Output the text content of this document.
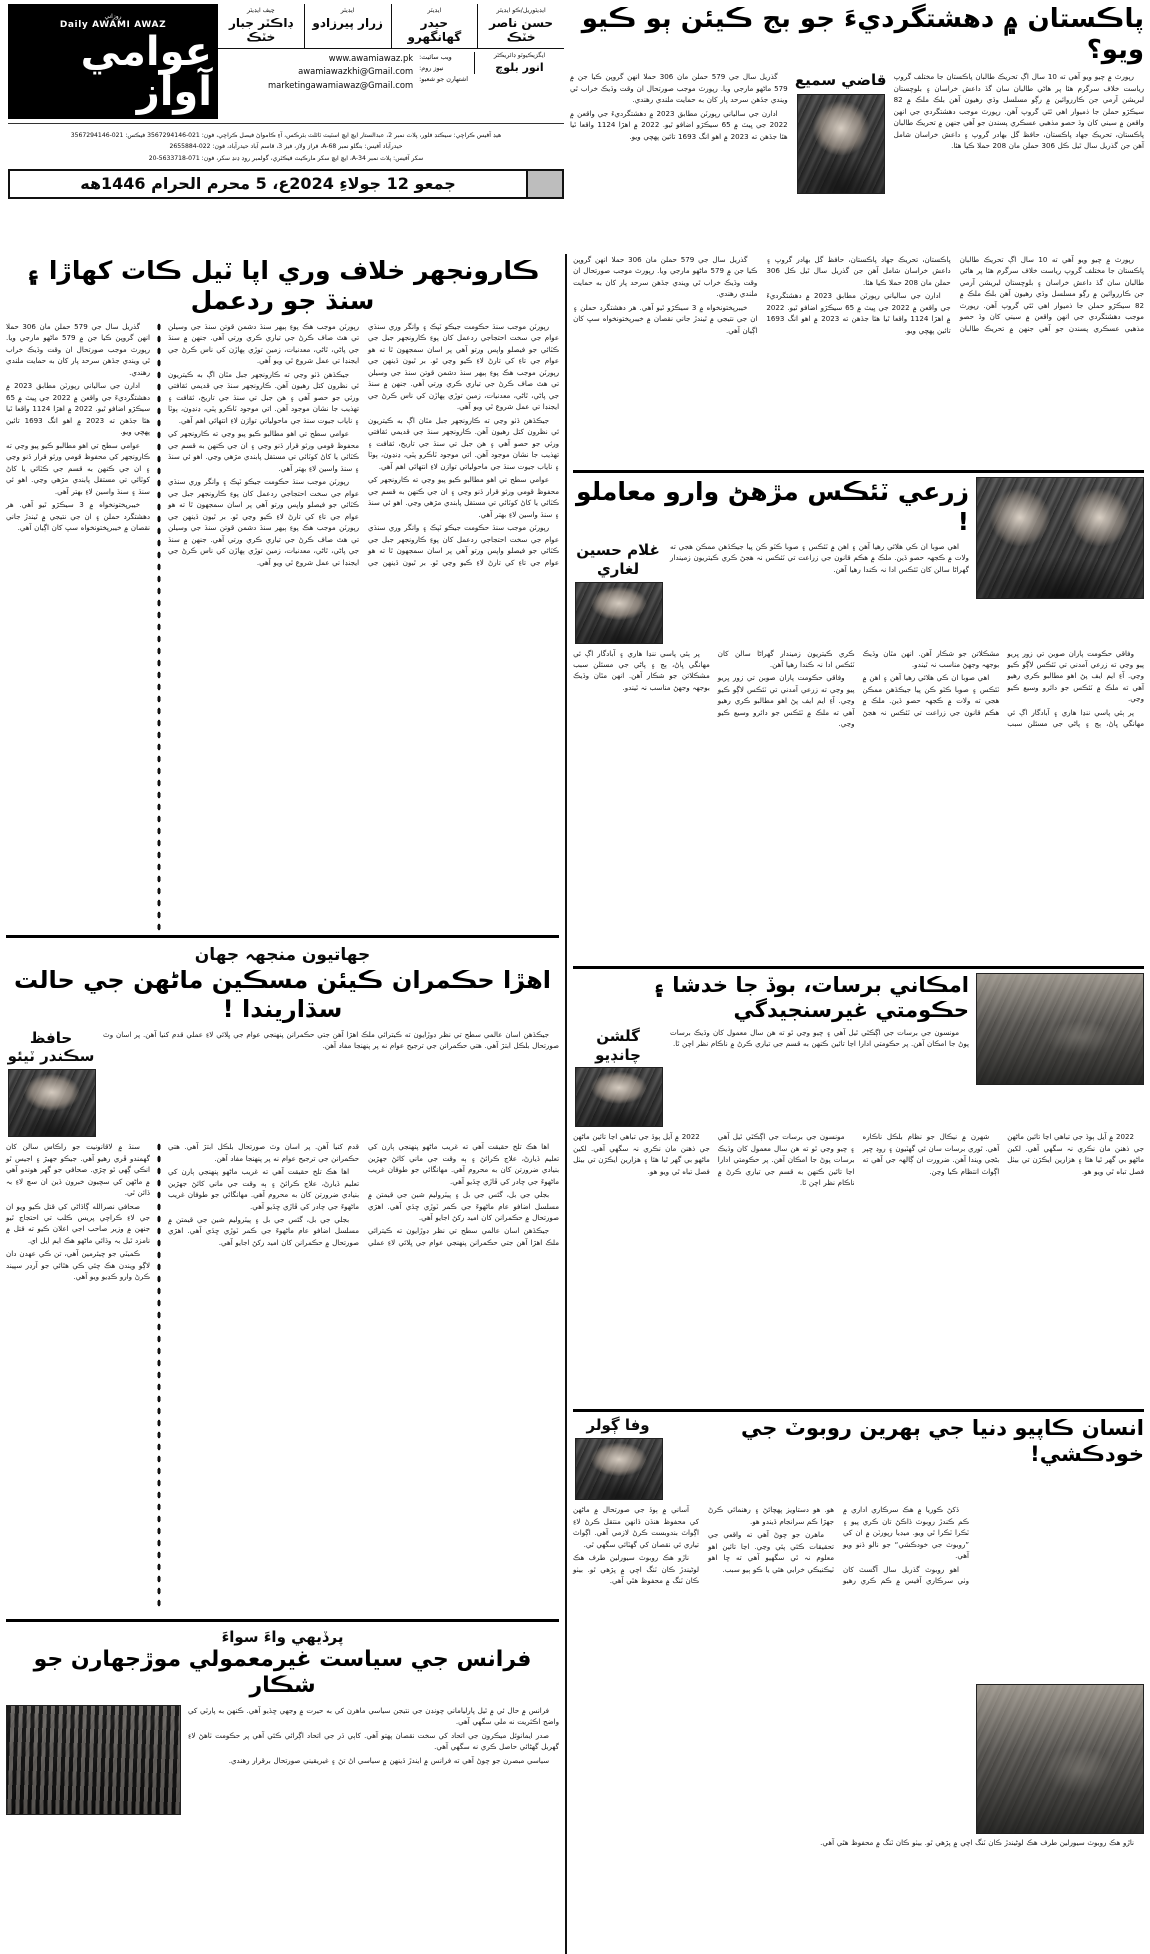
پاڪستان ۾ دهشتگرديءَ جو بج ڪيئن ٻو ڪيو ويو؟

رپورٽ ۾ چيو ويو آهي ته 10 سال اڳ تحريڪ طالبان پاڪستان جا مختلف گروپ رياست خلاف سرگرم هئا پر هاڻي طالبان سان گڏ داعش خراسان ۽ بلوچستان لبريشن آرمي جن ڪارروائين ۾ رڳو مسلسل وڌي رهيون آهن بلڪ ملڪ ۾ 82 سيڪڙو حملن جا ذميوار اهي ٿئي گروپ آهن. رپورٽ موجب دهشتگردي جي انهن واقعن ۾ سيني کان وڌ حصو مذهبي عسڪري پسندن جو آهي جنهن ۾ تحريڪ طالبان پاڪستان، تحريڪ جهاد پاڪستان، حافظ گل بهادر گروپ ۽ داعش خراسان شامل آهن جن گذريل سال ٿيل ڪل 306 حملن مان 208 حملا ڪيا هئا.

قاضي سميع

گذريل سال جي 579 حملن مان 306 حملا انهن گروپن ڪيا جن ۾ 579 ماڻهو مارجي ويا. رپورٽ موجب صورتحال ان وقت وڌيڪ خراب ٿي ويندي جڏهن سرحد پار کان به حمايت ملندي رهندي.

ادارن جي سالياني رپورٽن مطابق 2023 ۾ دهشتگرديءَ جي واقعن ۾ 2022 جي ڀيٽ ۾ 65 سيڪڙو اضافو ٿيو. 2022 ۾ اهڙا 1124 واقعا ٿيا هئا جڏهن ته 2023 ۾ اهو انگ 1693 تائين پهچي ويو.

ايڊيٽوريل/ڪو ايڊيٽر
حسن ناصر خٽڪ
ايڊيٽر
حيدر گھانگھرو
ايڊيٽر
زرار پيرزادو
چيف ايڊيٽر
ڊاڪٽر جبار خٽڪ
ايگزيڪيوٽو ڊائريڪٽر
انور بلوچ
ويب سائيٽ:
نيوز روم:
اشتهارن جو شعبو:
www.awamiawaz.pk
awamiawazkhi@Gmail.com
marketingawamiawaz@Gmail.com
روزاني
Daily AWAMI AWAZ
عوامي آواز
هيڊ آفيس ڪراچي: سيڪنڊ فلور، پلاٽ نمبر 2، عبدالستار ايڇ ايڇ اسٽيٽ ٽائلٽ بئرڪس، آءِ ڪامواڻ فيصل ڪراچي، فون: 021-3567294146 فيڪس: 021-3567294146
حيدرآباد آفيس: بنگلو نمبر A-68، فراز ولاز، فيز 3، قاسم آباد حيدرآباد، فون: 022-2655884
سکر آفيس: پلاٽ نمبر A-34، ايڇ ايڇ سکر مارڪيٽ فيڪٽري، گولمبر روڊ ڍنڍ سکر، فون: 071-5633718-20
جمعو 12 جولاءِ 2024ع، 5 محرم الحرام 1446هه

رپورٽ ۾ چيو ويو آهي ته 10 سال اڳ تحريڪ طالبان پاڪستان جا مختلف گروپ رياست خلاف سرگرم هئا پر هاڻي طالبان سان گڏ داعش خراسان ۽ بلوچستان لبريشن آرمي جن ڪارروائين ۾ رڳو مسلسل وڌي رهيون آهن بلڪ ملڪ ۾ 82 سيڪڙو حملن جا ذميوار اهي ٿئي گروپ آهن. رپورٽ موجب دهشتگردي جي انهن واقعن ۾ سيني کان وڌ حصو مذهبي عسڪري پسندن جو آهي جنهن ۾ تحريڪ طالبان پاڪستان، تحريڪ جهاد پاڪستان، حافظ گل بهادر گروپ ۽ داعش خراسان شامل آهن جن گذريل سال ٿيل ڪل 306 حملن مان 208 حملا ڪيا هئا.

ادارن جي سالياني رپورٽن مطابق 2023 ۾ دهشتگرديءَ جي واقعن ۾ 2022 جي ڀيٽ ۾ 65 سيڪڙو اضافو ٿيو. 2022 ۾ اهڙا 1124 واقعا ٿيا هئا جڏهن ته 2023 ۾ اهو انگ 1693 تائين پهچي ويو.

گذريل سال جي 579 حملن مان 306 حملا انهن گروپن ڪيا جن ۾ 579 ماڻهو مارجي ويا. رپورٽ موجب صورتحال ان وقت وڌيڪ خراب ٿي ويندي جڏهن سرحد پار کان به حمايت ملندي رهندي.

خيبرپختونخواه ۾ 3 سيڪڙو ٿيو آهي. هر دهشتگرد حملن ۽ ان جي نتيجي ۾ ٿيندڙ جاني نقصان ۾ خيبرپختونخواه سڀ کان اڳيان آهي.

زرعي ٽئڪس مڙهڻ وارو معاملو !

اهي صوبا ان ڪي هلائي رهيا آهن ۽ اهن ۾ ٽئڪس ۽ صوبا ڪٽو ڪن پيا جيڪڏهن ممڪن هجي ته ولات ۾ ڪجهہ حصو ڏين. ملڪ ۾ هڪم قانون جي زراعت تي ٽئڪس نہ هجڻ ڪري ڪيتريون زميندار گھراڻا سالن کان ٽئڪس ادا نہ ڪندا رهيا آهن.

غلام حسين لغاري

وفاقي حڪومت پاران صوبن تي زور ڀريو پيو وڃي ته زرعي آمدني تي ٽئڪس لاڳو ڪيو وڃي. آءِ ايم ايف پڻ اهو مطالبو ڪري رهيو آهي ته ملڪ ۾ ٽئڪس جو دائرو وسيع ڪيو وڃي.

پر ٻئي پاسي ننڍا هاري ۽ آبادگار اڳ ئي مهانگي ڀاڻ، ٻج ۽ پاڻي جي مسئلن سبب مشڪلاتن جو شڪار آهن. انهن مٿان وڌيڪ بوجهہ وجهڻ مناسب نہ ٿيندو.

اهي صوبا ان ڪي هلائي رهيا آهن ۽ اهن ۾ ٽئڪس ۽ صوبا ڪٽو ڪن پيا جيڪڏهن ممڪن هجي ته ولات ۾ ڪجهہ حصو ڏين. ملڪ ۾ هڪم قانون جي زراعت تي ٽئڪس نہ هجڻ ڪري ڪيتريون زميندار گھراڻا سالن کان ٽئڪس ادا نہ ڪندا رهيا آهن.

وفاقي حڪومت پاران صوبن تي زور ڀريو پيو وڃي ته زرعي آمدني تي ٽئڪس لاڳو ڪيو وڃي. آءِ ايم ايف پڻ اهو مطالبو ڪري رهيو آهي ته ملڪ ۾ ٽئڪس جو دائرو وسيع ڪيو وڃي.

پر ٻئي پاسي ننڍا هاري ۽ آبادگار اڳ ئي مهانگي ڀاڻ، ٻج ۽ پاڻي جي مسئلن سبب مشڪلاتن جو شڪار آهن. انهن مٿان وڌيڪ بوجهہ وجهڻ مناسب نہ ٿيندو.

امڪاني برسات، بوڏ جا خدشا ۽ حڪومتي غيرسنجيدگي

مونسون جي برسات جي اڳڪٿي ٿيل آهي ۽ چيو وڃي ٿو ته هن سال معمول کان وڌيڪ برسات پوڻ جا امڪان آهن. پر حڪومتي ادارا اڃا تائين ڪنهن به قسم جي تياري ڪرڻ ۾ ناڪام نظر اچن ٿا.

گلشن چانڊيو

2022 ۾ آيل ٻوڏ جي تباهي اڃا تائين ماڻهن جي ذهنن مان نڪري نہ سگهي آهي. لکين ماڻهو بي گهر ٿيا هئا ۽ هزارين ايڪڙن تي بيٺل فصل تباه ٿي ويو هو.

شهرن ۾ نيڪال جو نظام بلڪل ناڪاره آهي. ٿوري برسات سان ئي گهٽيون ۽ روڊ ڇپر بڻجي ويندا آهن. ضرورت ان ڳالهہ جي آهي ته اڳواٽ انتظام ڪيا وڃن.

مونسون جي برسات جي اڳڪٿي ٿيل آهي ۽ چيو وڃي ٿو ته هن سال معمول کان وڌيڪ برسات پوڻ جا امڪان آهن. پر حڪومتي ادارا اڃا تائين ڪنهن به قسم جي تياري ڪرڻ ۾ ناڪام نظر اچن ٿا.

2022 ۾ آيل ٻوڏ جي تباهي اڃا تائين ماڻهن جي ذهنن مان نڪري نہ سگهي آهي. لکين ماڻهو بي گهر ٿيا هئا ۽ هزارين ايڪڙن تي بيٺل فصل تباه ٿي ويو هو.

انسان ڪاپيو دنيا جي ٻهرين روبوٽ جي خودڪشي!
وفا ڳولر

ڏکڻ ڪوريا ۾ هڪ سرڪاري اداري ۾ ڪم ڪندڙ روبوٽ ڏاڪڻ تان ڪري پيو ۽ ٽڪرا ٽڪرا ٿي ويو. ميڊيا رپورٽن ۾ ان کي ”روبوٽ جي خودڪشي“ جو نالو ڏنو ويو آهي.

اهو روبوٽ گذريل سال آگسٽ کان وٺي سرڪاري آفيس ۾ ڪم ڪري رهيو هو. هو دستاويز پهچائڻ ۽ رهنمائي ڪرڻ جهڙا ڪم سرانجام ڏيندو هو.

ماهرن جو چوڻ آهي ته واقعي جي تحقيقات ڪئي پئي وڃي. اڃا تائين اهو معلوم نہ ٿي سگهيو آهي ته ڇا اهو ٽيڪنيڪي خرابي هئي يا ڪو ٻيو سبب.

آساني ۾ ٻوڏ جي صورتحال ۾ ماڻهن کي محفوظ هنڌن ڏانهن منتقل ڪرڻ لاءِ اڳواٽ بندوبست ڪرڻ لازمي آهي. اڳواٽ تياري ئي نقصان کي گهٽائي سگهي ٿي.

ناڙو هڪ روبوٽ سيورلين طرف هڪ لوڻيندڙ ڪان ٽنگ اچي ۾ پڙهي ٿو. بيٺو ڪان ٽنگ ۾ محفوظ هٿي آهي.

ناڙو هڪ روبوٽ سيورلين طرف هڪ لوڻيندڙ ڪان ٽنگ اچي ۾ پڙهي ٿو. بيٺو ڪان ٽنگ ۾ محفوظ هٿي آهي.

ڪارونجهر خلاف وري اپا ٽيل ڪات کهاڙا ۽ سنڌ جو ردعمل

رپورٽن موجب سنڌ حڪومت جيڪو ٽپڪ ۽ وانگر وري سنڌي عوام جي سخت احتجاجي ردعمل کان پوءِ ڪارونجهر جبل جي ڪٽائي جو فيصلو واپس ورتو آهي پر اسان سمجهون ٿا ته هو عوام جي تاءِ کي تارڻ لاءِ ڪيو وڃي ٿو. بر ٿيون ڏينهن جي رپورٽن موجب هڪ پوءِ ٻيهر سنڌ دشمن قوتن سنڌ جي وسيلن تي هٿ صاف ڪرڻ جي تياري ڪري ورتي آهي. جنهن ۾ سنڌ جي پاڻي، ٿاڻي، معدنيات، زمين توڙي ٻهاڙن کي ناس ڪرڻ جي ايجنڊا تي عمل شروع ٿي ويو آهي.

جيڪڏهن ڏٺو وڃي ته ڪارونجهر جبل مٿان اڳ به ڪيتريون ئي نظرون کتل رهيون آهن. ڪارونجهر سنڌ جي قديمي ثقافتي ورثي جو حصو آهي ۽ هن جبل تي سنڌ جي تاريخ، ثقافت ۽ تهذيب جا نشان موجود آهن. اتي موجود ٽاڪرو پٽي، ڍنڍون، ٻوٽا ۽ ناياب جيوت سنڌ جي ماحولياتي توازن لاءِ انتهائي اهم آهي.

عوامي سطح تي اهو مطالبو ڪيو پيو وڃي ته ڪارونجهر کي محفوظ قومي ورثو قرار ڏنو وڃي ۽ ان جي ڪنهن به قسم جي ڪٽائي يا کاڻ کوٽائي تي مستقل پابندي مڙهي وڃي. اهو ئي سنڌ ۽ سنڌ واسين لاءِ بهتر آهي.

رپورٽن موجب سنڌ حڪومت جيڪو ٽپڪ ۽ وانگر وري سنڌي عوام جي سخت احتجاجي ردعمل کان پوءِ ڪارونجهر جبل جي ڪٽائي جو فيصلو واپس ورتو آهي پر اسان سمجهون ٿا ته هو عوام جي تاءِ کي تارڻ لاءِ ڪيو وڃي ٿو. بر ٿيون ڏينهن جي رپورٽن موجب هڪ پوءِ ٻيهر سنڌ دشمن قوتن سنڌ جي وسيلن تي هٿ صاف ڪرڻ جي تياري ڪري ورتي آهي. جنهن ۾ سنڌ جي پاڻي، ٿاڻي، معدنيات، زمين توڙي ٻهاڙن کي ناس ڪرڻ جي ايجنڊا تي عمل شروع ٿي ويو آهي.

جيڪڏهن ڏٺو وڃي ته ڪارونجهر جبل مٿان اڳ به ڪيتريون ئي نظرون کتل رهيون آهن. ڪارونجهر سنڌ جي قديمي ثقافتي ورثي جو حصو آهي ۽ هن جبل تي سنڌ جي تاريخ، ثقافت ۽ تهذيب جا نشان موجود آهن. اتي موجود ٽاڪرو پٽي، ڍنڍون، ٻوٽا ۽ ناياب جيوت سنڌ جي ماحولياتي توازن لاءِ انتهائي اهم آهي.

عوامي سطح تي اهو مطالبو ڪيو پيو وڃي ته ڪارونجهر کي محفوظ قومي ورثو قرار ڏنو وڃي ۽ ان جي ڪنهن به قسم جي ڪٽائي يا کاڻ کوٽائي تي مستقل پابندي مڙهي وڃي. اهو ئي سنڌ ۽ سنڌ واسين لاءِ بهتر آهي.

رپورٽن موجب سنڌ حڪومت جيڪو ٽپڪ ۽ وانگر وري سنڌي عوام جي سخت احتجاجي ردعمل کان پوءِ ڪارونجهر جبل جي ڪٽائي جو فيصلو واپس ورتو آهي پر اسان سمجهون ٿا ته هو عوام جي تاءِ کي تارڻ لاءِ ڪيو وڃي ٿو. بر ٿيون ڏينهن جي رپورٽن موجب هڪ پوءِ ٻيهر سنڌ دشمن قوتن سنڌ جي وسيلن تي هٿ صاف ڪرڻ جي تياري ڪري ورتي آهي. جنهن ۾ سنڌ جي پاڻي، ٿاڻي، معدنيات، زمين توڙي ٻهاڙن کي ناس ڪرڻ جي ايجنڊا تي عمل شروع ٿي ويو آهي.

گذريل سال جي 579 حملن مان 306 حملا انهن گروپن ڪيا جن ۾ 579 ماڻهو مارجي ويا. رپورٽ موجب صورتحال ان وقت وڌيڪ خراب ٿي ويندي جڏهن سرحد پار کان به حمايت ملندي رهندي.

ادارن جي سالياني رپورٽن مطابق 2023 ۾ دهشتگرديءَ جي واقعن ۾ 2022 جي ڀيٽ ۾ 65 سيڪڙو اضافو ٿيو. 2022 ۾ اهڙا 1124 واقعا ٿيا هئا جڏهن ته 2023 ۾ اهو انگ 1693 تائين پهچي ويو.

عوامي سطح تي اهو مطالبو ڪيو پيو وڃي ته ڪارونجهر کي محفوظ قومي ورثو قرار ڏنو وڃي ۽ ان جي ڪنهن به قسم جي ڪٽائي يا کاڻ کوٽائي تي مستقل پابندي مڙهي وڃي. اهو ئي سنڌ ۽ سنڌ واسين لاءِ بهتر آهي.

خيبرپختونخواه ۾ 3 سيڪڙو ٿيو آهي. هر دهشتگرد حملن ۽ ان جي نتيجي ۾ ٿيندڙ جاني نقصان ۾ خيبرپختونخواه سڀ کان اڳيان آهي.

جھاتيون منجهہ جھان
اهڙا حڪمران ڪيئن مسڪين ماڻهن جي حالت سڌاريندا !

جيڪڏهن اسان عالمي سطح تي نظر ڊوڙايون ته ڪيترائي ملڪ اهڙا آهن جتي حڪمرانن پنهنجي عوام جي ڀلائي لاءِ عملي قدم کنيا آهن. پر اسان وٽ صورتحال بلڪل ابتڙ آهي. هتي حڪمرانن جي ترجيح عوام نه پر پنهنجا مفاد آهن.

حافظ سڪندر ٽيئو

اها هڪ تلخ حقيقت آهي ته غريب ماڻهو پنهنجي ٻارن کي تعليم ڏيارڻ، علاج ڪرائڻ ۽ ٻه وقت جي ماني کائڻ جهڙين بنيادي ضرورتن کان به محروم آهي. مهانگائي جو طوفان غريب ماڻهوءَ جي چادر کي ڦاڙي ڇڏيو آهي.

بجلي جي بل، گئس جي بل ۽ پيٽروليم شين جي قيمتن ۾ مسلسل اضافو عام ماڻهوءَ جي ڪمر ٽوڙي ڇڏي آهي. اهڙي صورتحال ۾ حڪمرانن کان اميد رکڻ اجايو آهي.

جيڪڏهن اسان عالمي سطح تي نظر ڊوڙايون ته ڪيترائي ملڪ اهڙا آهن جتي حڪمرانن پنهنجي عوام جي ڀلائي لاءِ عملي قدم کنيا آهن. پر اسان وٽ صورتحال بلڪل ابتڙ آهي. هتي حڪمرانن جي ترجيح عوام نه پر پنهنجا مفاد آهن.

اها هڪ تلخ حقيقت آهي ته غريب ماڻهو پنهنجي ٻارن کي تعليم ڏيارڻ، علاج ڪرائڻ ۽ ٻه وقت جي ماني کائڻ جهڙين بنيادي ضرورتن کان به محروم آهي. مهانگائي جو طوفان غريب ماڻهوءَ جي چادر کي ڦاڙي ڇڏيو آهي.

بجلي جي بل، گئس جي بل ۽ پيٽروليم شين جي قيمتن ۾ مسلسل اضافو عام ماڻهوءَ جي ڪمر ٽوڙي ڇڏي آهي. اهڙي صورتحال ۾ حڪمرانن کان اميد رکڻ اجايو آهي.

سنڌ ۾ لاقانونيت جو راڪاس سالن کان گهمندو ڦري رهيو آهي. جيڪو جهيڙ ۽ اجيس ٿو انڪي ڳهي ٿو چڙي. صحافي جو گهر هوندو آهي ۾ ماڻهن کي سچيون خبرون ڏين ان سچ لاءِ بہ ڏائن ٿي.

صحافي نصرالله ڳاڏاڻي کي قتل ڪيو ويو ان جي لاءِ ڪراچي پريس ڪلب تي احتجاج ٿيو جنهن ۾ وزير صاحب اجي اعلان ڪيو ته قتل ۾ نامزد ٿيل بہ وڌائي ماڻهو هڪ ايم ايل اي.

ڪميٽي جو چيئرمين آهي، تن ڪي عهدن دان لاڳو ويندن هڪ چئي ڪي هٿائي جو آرڊر سپيند ڪرڻ وارو ڪڍيو ويو آهي.

پرڏيهي واءَ سواءَ
فرانس جي سياست غيرمعمولي موڙجهارن جو شڪار

فرانس ۾ حال ئي ۾ ٿيل پارلياماني چونڊن جي نتيجن سياسي ماهرن کي به حيرت ۾ وجهي ڇڏيو آهي. ڪنهن به پارٽي کي واضح اڪثريت نه ملي سگهي آهي.

صدر ايمانوئل ميڪرون جي اتحاد کي سخت نقصان پهتو آهي. کاٻي ڌر جي اتحاد اڳرائي ڪئي آهي پر حڪومت ٺاهڻ لاءِ گهربل گهڻائي حاصل ڪري نه سگهي آهي.

سياسي مبصرن جو چوڻ آهي ته فرانس ۾ ايندڙ ڏينهن ۾ سياسي اڻ تڻ ۽ غيريقيني صورتحال برقرار رهندي.
